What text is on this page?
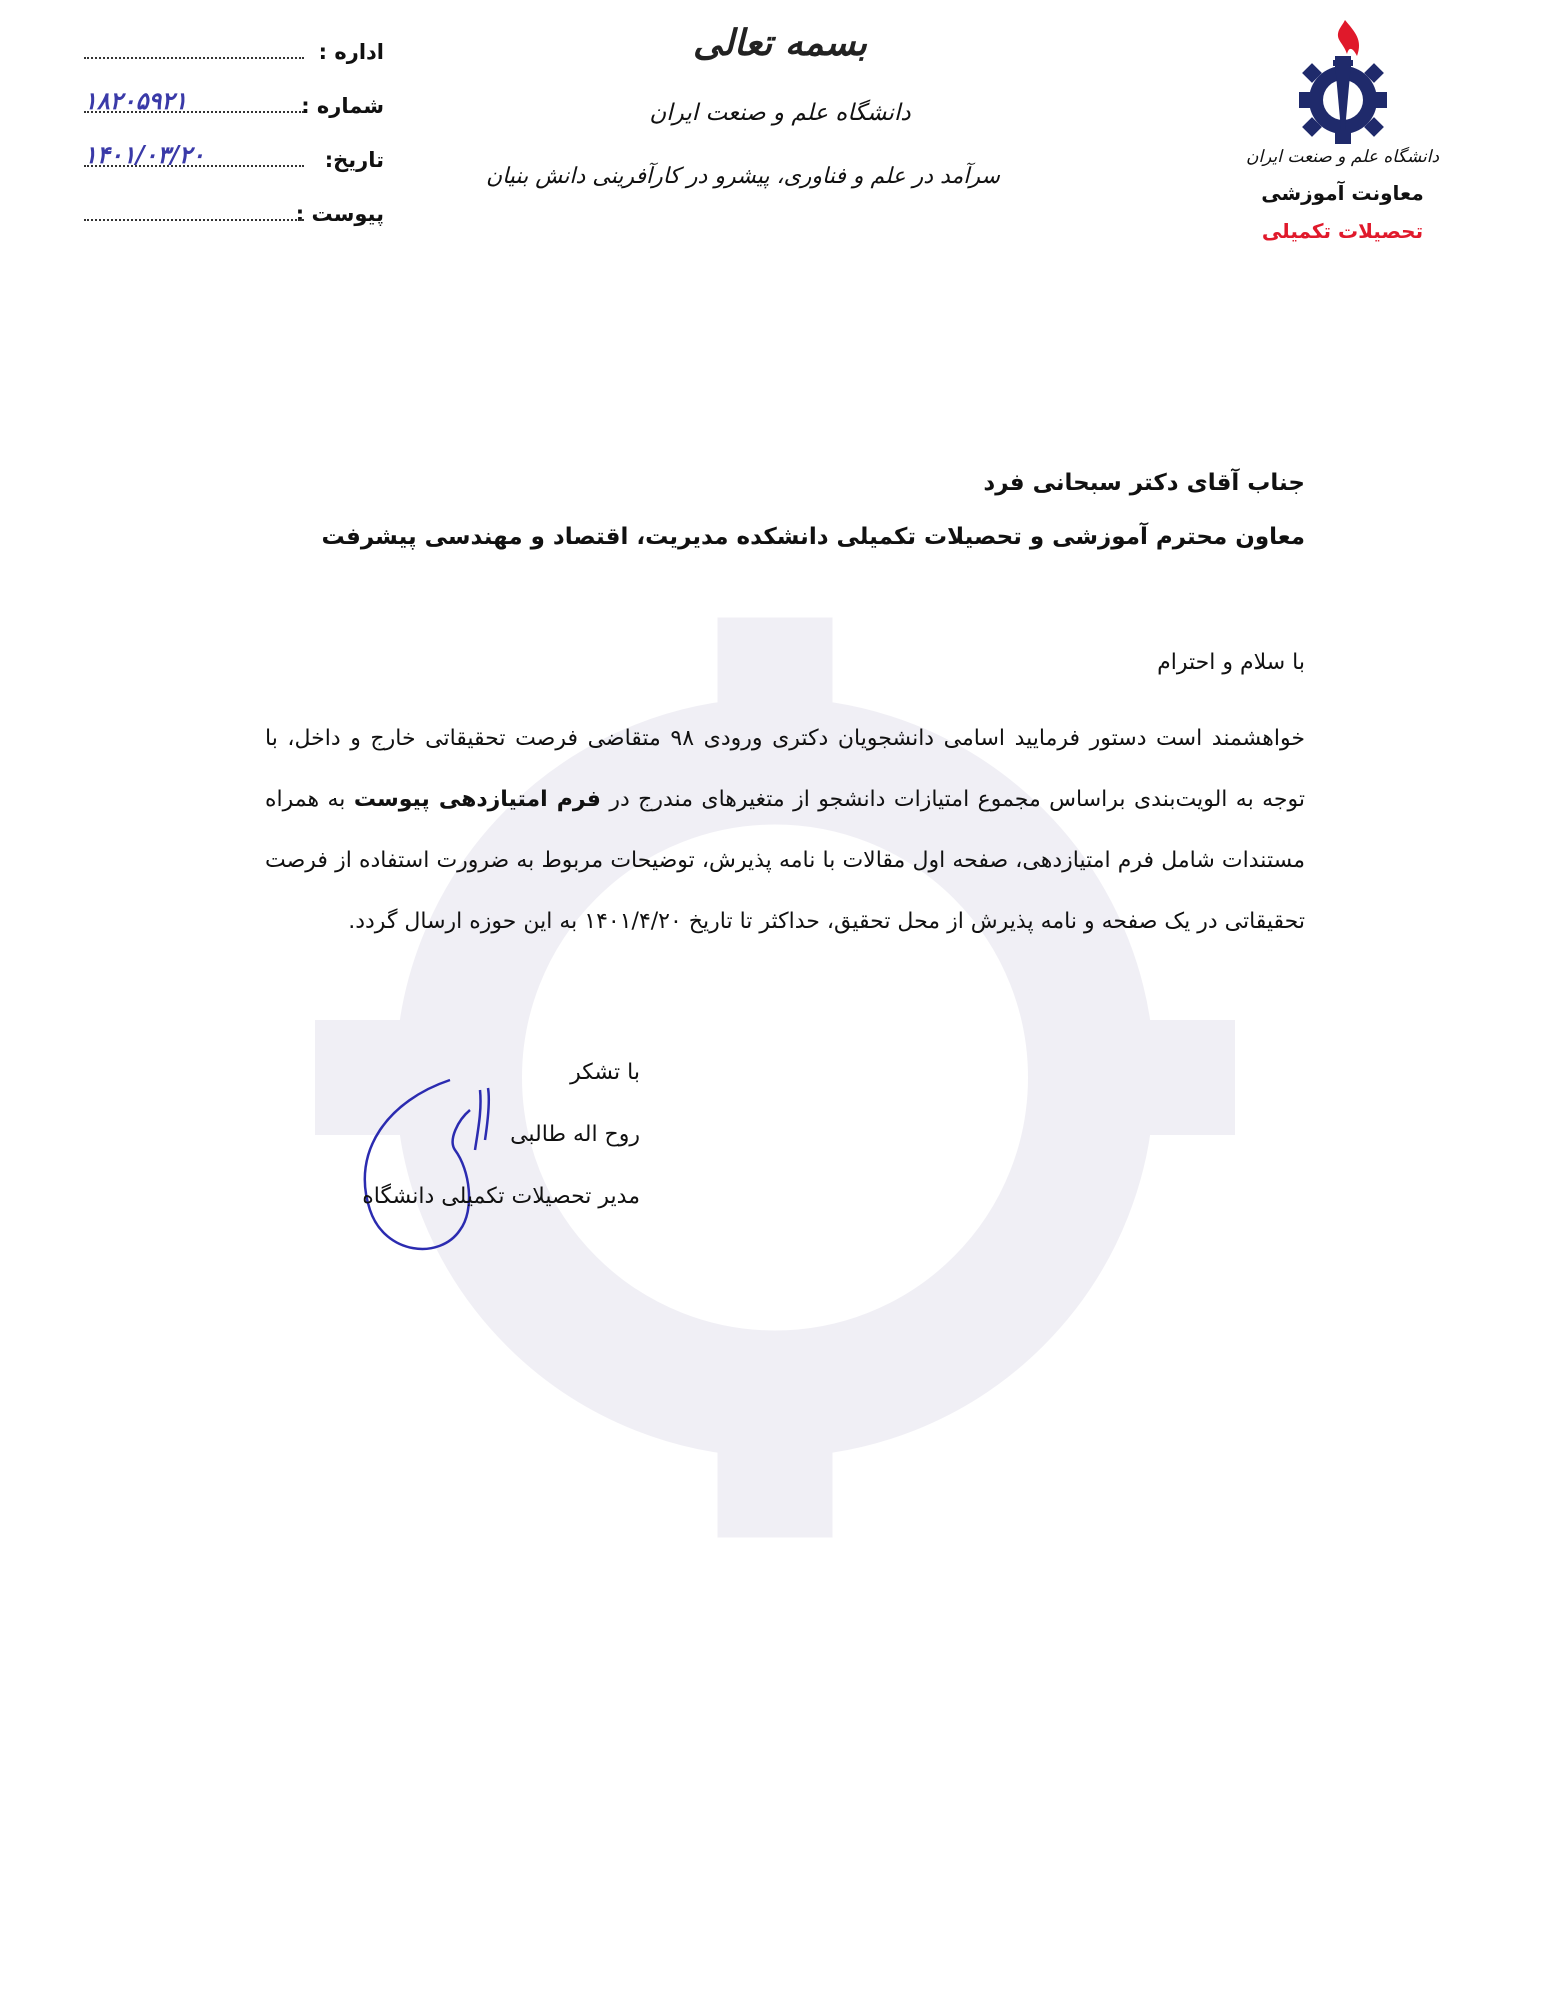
اداره :
شماره :
۱۸۲۰۵۹۲۱
تاریخ:
۱۴۰۱/۰۳/۲۰
پیوست :
بسمه تعالی
دانشگاه علم و صنعت ایران
سرآمد در علم و فناوری، پیشرو در کارآفرینی دانش بنیان
دانشگاه علم و صنعت ایران
معاونت آموزشی
تحصیلات تکمیلی
جناب آقای دکتر سبحانی فرد
معاون محترم آموزشی و تحصیلات تکمیلی دانشکده مدیریت، اقتصاد و مهندسی پیشرفت
با سلام و احترام
خواهشمند است دستور فرمایید اسامی دانشجویان دکتری ورودی ۹۸ متقاضی فرصت تحقیقاتی خارج و داخل، با توجه به الویت‌بندی براساس مجموع امتیازات دانشجو از متغیرهای مندرج در فرم امتیازدهی پیوست به همراه مستندات شامل فرم امتیازدهی، صفحه اول مقالات با نامه پذیرش، توضیحات مربوط به ضرورت استفاده از فرصت تحقیقاتی در یک صفحه و نامه پذیرش از محل تحقیق، حداکثر تا تاریخ ۱۴۰۱/۴/۲۰ به این حوزه ارسال گردد.
با تشکر
روح اله طالبی
مدیر تحصیلات تکمیلی دانشگاه
